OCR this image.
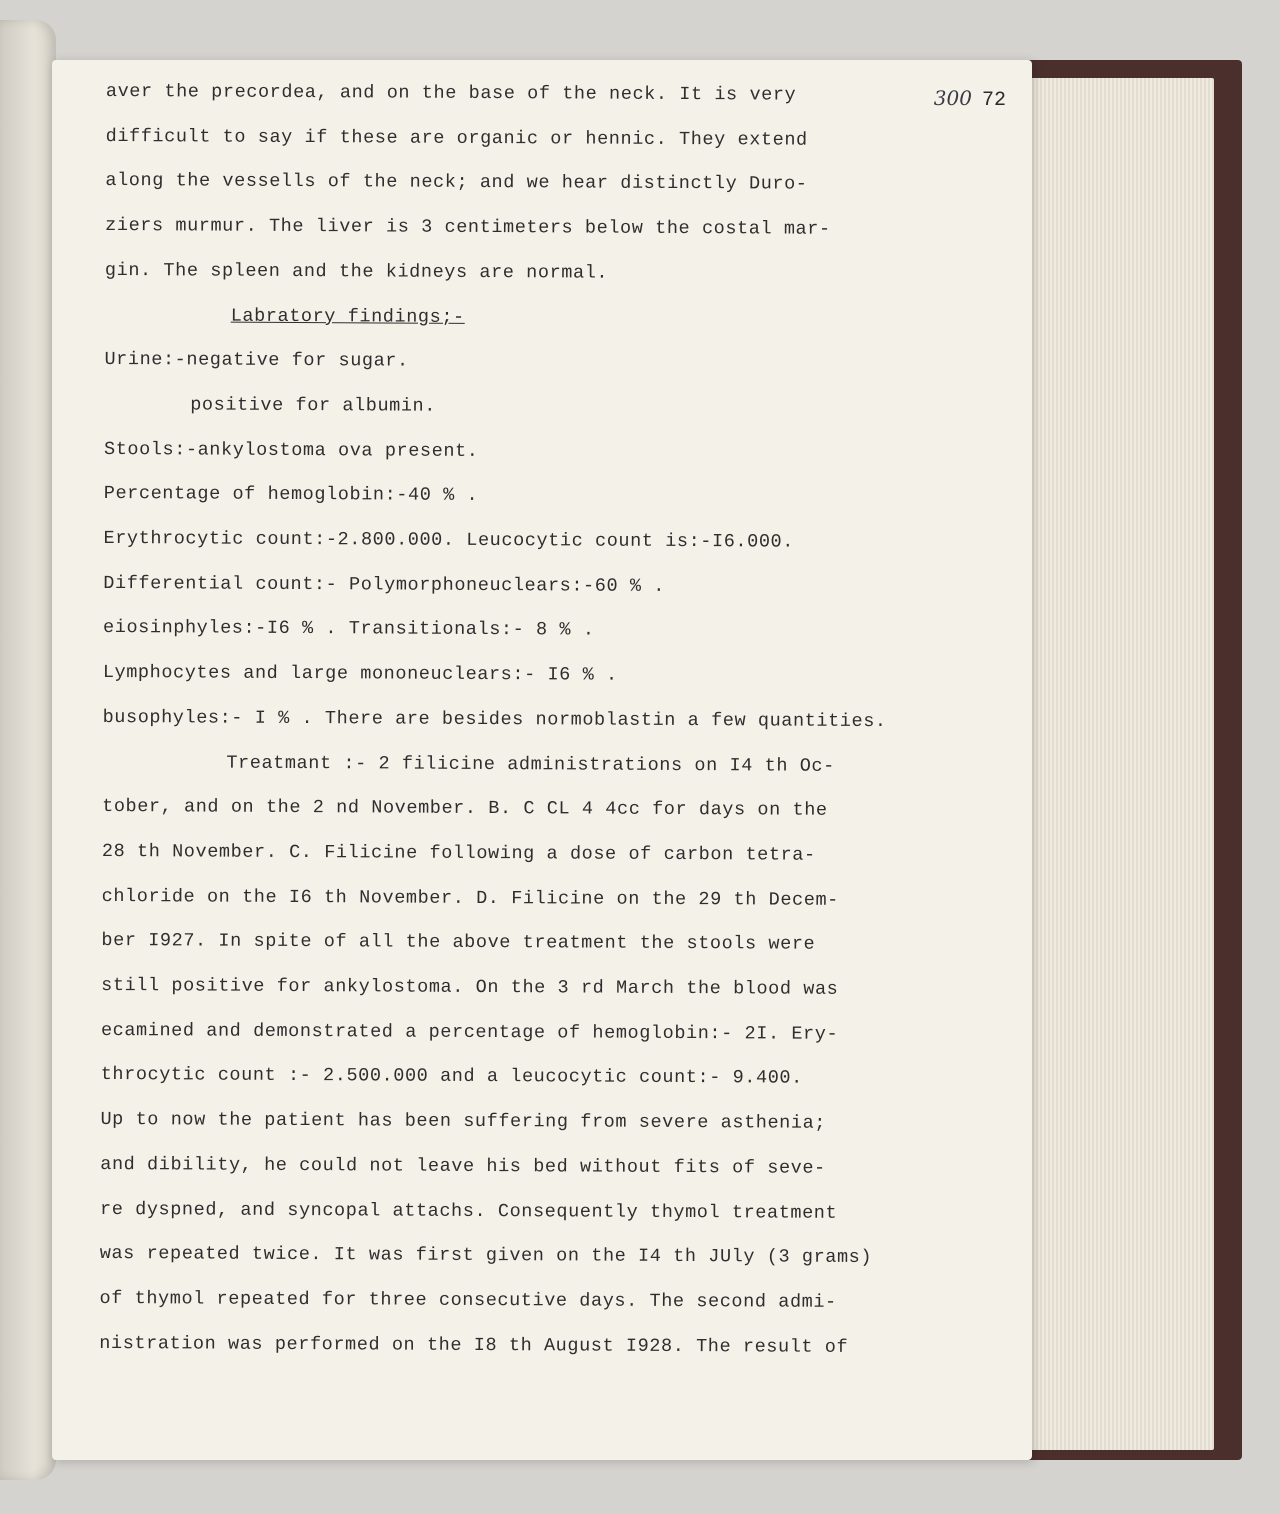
300 72
aver the precordea, and on the base of the neck. It is very
difficult to say if these are organic or hennic. They extend
along the vessells of the neck; and we hear distinctly Duro-
ziers murmur. The liver is 3 centimeters below the costal mar-
gin. The spleen and the kidneys are normal.
Labratory findings;-
Urine:-negative for sugar.
positive for albumin.
Stools:-ankylostoma ova present.
Percentage of hemoglobin:-40 % .
Erythrocytic count:-2.800.000. Leucocytic count is:-I6.000.
Differential count:- Polymorphoneuclears:-60 % .
eiosinphyles:-I6 % . Transitionals:- 8 % .
Lymphocytes and large mononeuclears:- I6 % .
busophyles:- I % . There are besides normoblastin a few quantities.
Treatmant :- 2 filicine administrations on I4 th Oc-
tober, and on the 2 nd November. B. C CL 4 4cc for days on the
28 th November. C. Filicine following a dose of carbon tetra-
chloride on the I6 th November. D. Filicine on the 29 th Decem-
ber I927. In spite of all the above treatment the stools were
still positive for ankylostoma. On the 3 rd March the blood was
ecamined and demonstrated a percentage of hemoglobin:- 2I. Ery-
throcytic count :- 2.500.000 and a leucocytic count:- 9.400.
Up to now the patient has been suffering from severe asthenia;
and dibility, he could not leave his bed without fits of seve-
re dyspned, and syncopal attachs. Consequently thymol treatment
was repeated twice. It was first given on the I4 th JUly (3 grams)
of thymol repeated for three consecutive days. The second admi-
nistration was performed on the I8 th August I928. The result of
